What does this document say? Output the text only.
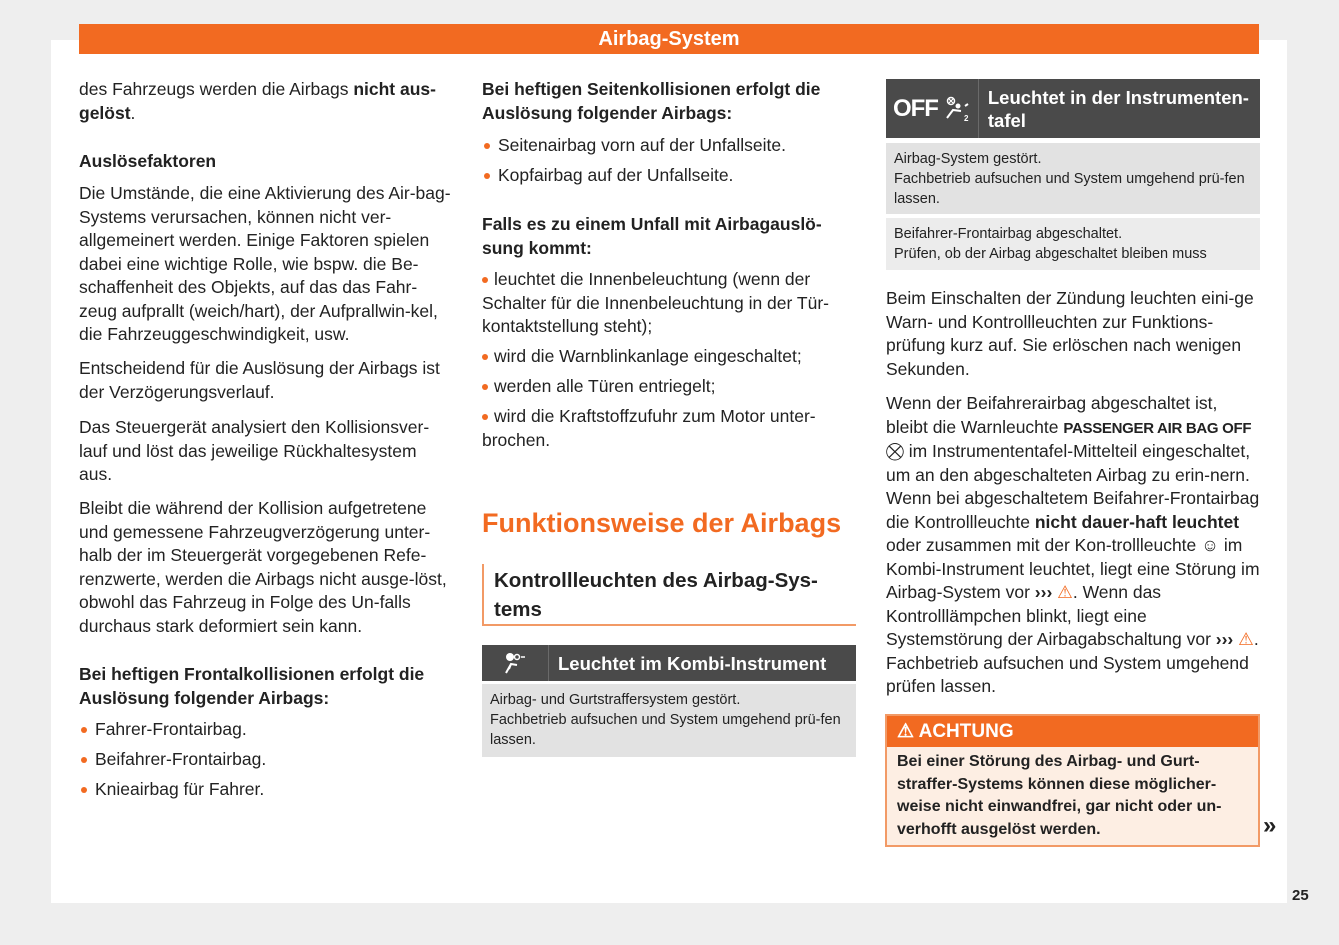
Airbag-System
des Fahrzeugs werden die Airbags nicht aus-gelöst.
Auslösefaktoren
Die Umstände, die eine Aktivierung des Air-bag-Systems verursachen, können nicht ver-allgemeinert werden. Einige Faktoren spielen dabei eine wichtige Rolle, wie bspw. die Be-schaffenheit des Objekts, auf das das Fahr-zeug aufprallt (weich/hart), der Aufprallwin-kel, die Fahrzeuggeschwindigkeit, usw.
Entscheidend für die Auslösung der Airbags ist der Verzögerungsverlauf.
Das Steuergerät analysiert den Kollisionsver-lauf und löst das jeweilige Rückhaltesystem aus.
Bleibt die während der Kollision aufgetretene und gemessene Fahrzeugverzögerung unter-halb der im Steuergerät vorgegebenen Refe-renzwerte, werden die Airbags nicht ausge-löst, obwohl das Fahrzeug in Folge des Un-falls durchaus stark deformiert sein kann.
Bei heftigen Frontalkollisionen erfolgt die Auslösung folgender Airbags:
Fahrer-Frontairbag.
Beifahrer-Frontairbag.
Knieairbag für Fahrer.
Bei heftigen Seitenkollisionen erfolgt die Auslösung folgender Airbags:
Seitenairbag vorn auf der Unfallseite.
Kopfairbag auf der Unfallseite.
Falls es zu einem Unfall mit Airbagauslö-sung kommt:
leuchtet die Innenbeleuchtung (wenn der Schalter für die Innenbeleuchtung in der Tür-kontaktstellung steht);
wird die Warnblinkanlage eingeschaltet;
werden alle Türen entriegelt;
wird die Kraftstoffzufuhr zum Motor unter-brochen.
Funktionsweise der Airbags
Kontrollleuchten des Airbag-Sys-tems
Leuchtet im Kombi-Instrument
Airbag- und Gurtstraffersystem gestört.
Fachbetrieb aufsuchen und System umgehend prü-fen lassen.
OFF	2
Leuchtet in der Instrumenten-tafel
Airbag-System gestört.
Fachbetrieb aufsuchen und System umgehend prü-fen lassen.
Beifahrer-Frontairbag abgeschaltet.
Prüfen, ob der Airbag abgeschaltet bleiben muss
Beim Einschalten der Zündung leuchten eini-ge Warn- und Kontrollleuchten zur Funktions-prüfung kurz auf. Sie erlöschen nach wenigen Sekunden.
Wenn der Beifahrerairbag abgeschaltet ist, bleibt die Warnleuchte PASSENGER AIR BAG OFF ⛒ im Instrumententafel-Mittelteil eingeschaltet, um an den abgeschalteten Airbag zu erin-nern. Wenn bei abgeschaltetem Beifahrer-Frontairbag die Kontrollleuchte nicht dauer-haft leuchtet oder zusammen mit der Kon-trollleuchte ☺ im Kombi-Instrument leuchtet, liegt eine Störung im Airbag-System vor ››› ⚠. Wenn das Kontrolllämpchen blinkt, liegt eine Systemstörung der Airbagabschaltung vor ››› ⚠. Fachbetrieb aufsuchen und System umgehend prüfen lassen.
⚠ ACHTUNG
Bei einer Störung des Airbag- und Gurt-straffer-Systems können diese möglicher-weise nicht einwandfrei, gar nicht oder un-verhofft ausgelöst werden.	»
25
